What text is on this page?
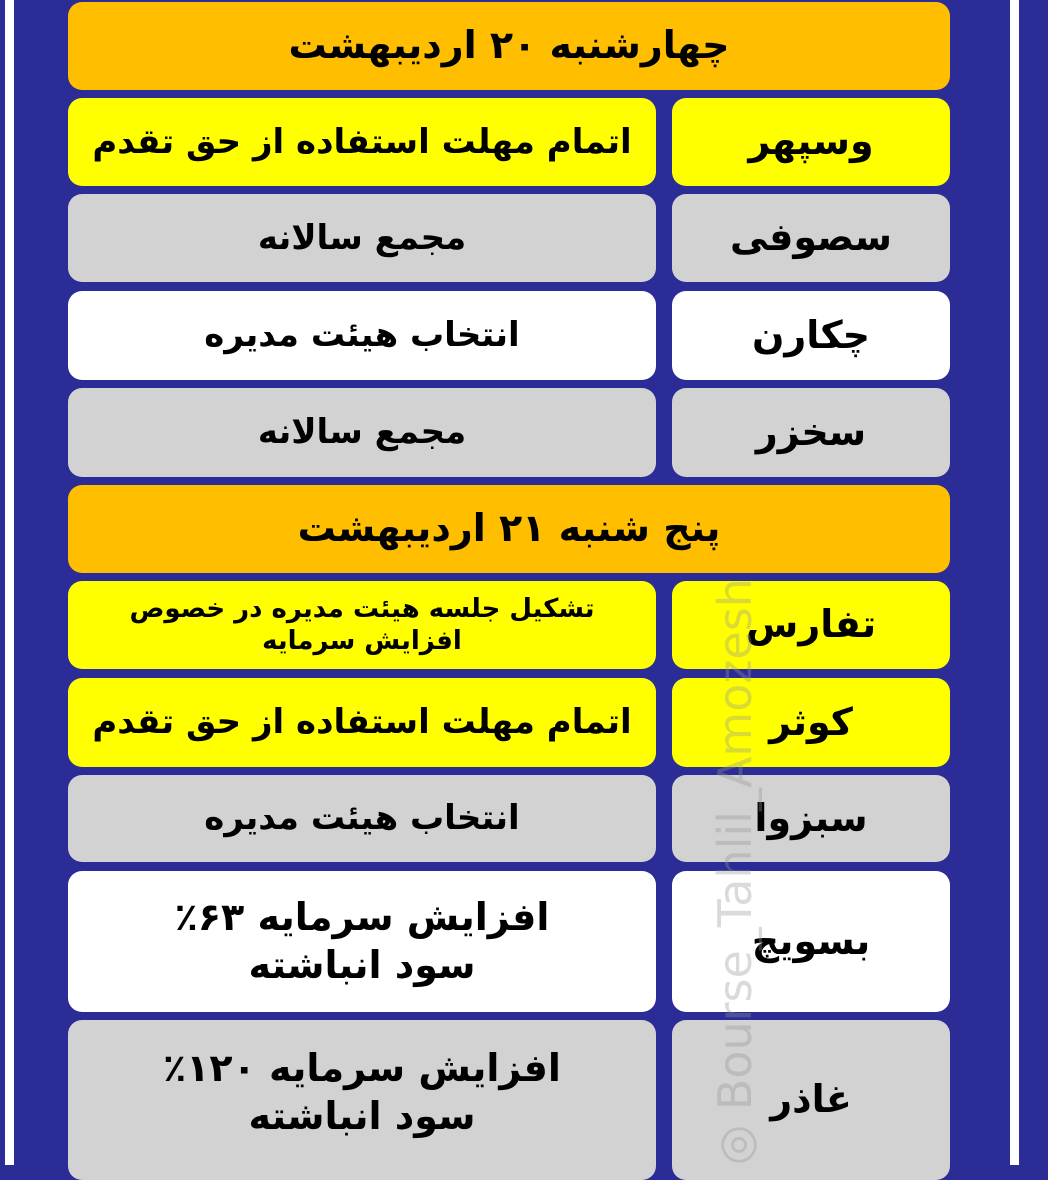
چهارشنبه ۲۰ اردیبهشت
وسپهر
اتمام مهلت استفاده از حق تقدم
سصوفی
مجمع سالانه
چکارن
انتخاب هیئت مدیره
سخزر
مجمع سالانه
پنج شنبه ۲۱ اردیبهشت
تفارس
تشکیل جلسه هیئت مدیره در خصوص افزایش سرمایه
کوثر
اتمام مهلت استفاده از حق تقدم
سبزوا
انتخاب هیئت مدیره
بسویچ
افزایش سرمایه ۶۳٪ سود انباشته
غاذر
افزایش سرمایه ۱۲۰٪ سود انباشته	◎ Bourse_Tahlil_Amozesh
